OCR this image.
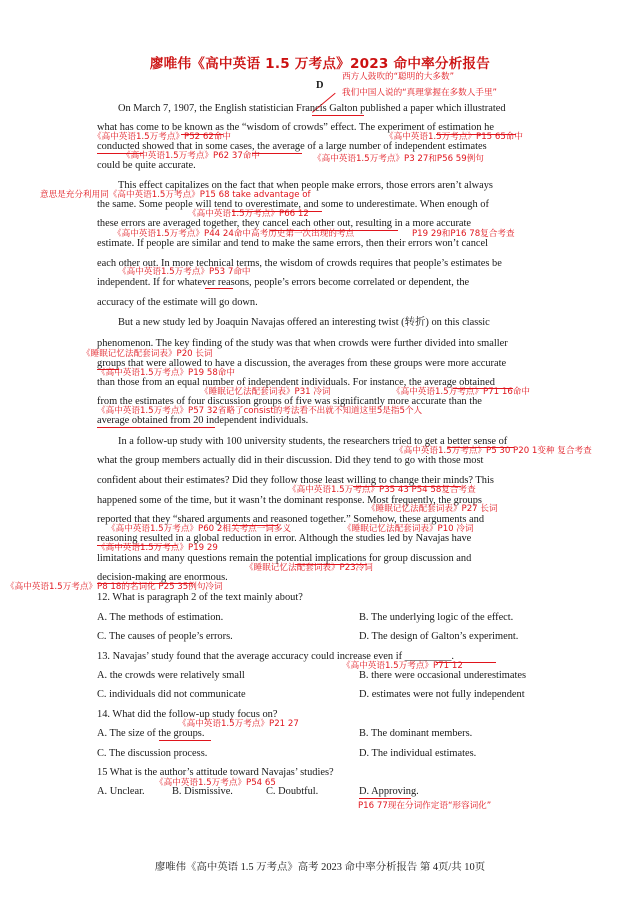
廖唯伟《高中英语 1.5 万考点》2023 命中率分析报告
D
西方人鼓吹的“聪明的大多数”
我们中国人说的“真理掌握在多数人手里”
On March 7, 1907, the English statistician Francis Galton published a paper which illustrated
what has come to be known as the “wisdom of crowds” effect. The experiment of estimation he
《高中英语1.5万考点》P52 62命中	《高中英语1.5万考点》P15 65命中
conducted showed that in some cases, the average of a large number of independent estimates
《高中英语1.5万考点》P62 37命中	《高中英语1.5万考点》P3 27和P56 59例句
could be quite accurate.
意思是充分利用同《高中英语1.5万考点》P15 68 take advantage of
This effect capitalizes on the fact that when people make errors, those errors aren’t always
the same. Some people will tend to overestimate, and some to underestimate. When enough of
《高中英语1.5万考点》P66 12
these errors are averaged together, they cancel each other out, resulting in a more accurate
《高中英语1.5万考点》P44 24命中高考历史第一次出现的考点	P19 29和P16 78复合考查
estimate. If people are similar and tend to make the same errors, then their errors won’t cancel
each other out. In more technical terms, the wisdom of crowds requires that people’s estimates be
《高中英语1.5万考点》P53 7命中
independent. If for whatever reasons, people’s errors become correlated or dependent, the
accuracy of the estimate will go down.
But a new study led by Joaquin Navajas offered an interesting twist (转折) on this classic
phenomenon. The key finding of the study was that when crowds were further divided into smaller
《睡眠记忆法配套词表》P20 长词
groups that were allowed to have a discussion, the averages from these groups were more accurate
《高中英语1.5万考点》P19 58命中
than those from an equal number of independent individuals. For instance, the average obtained
《睡眠记忆法配套词表》P31 冷词	《高中英语1.5万考点》P71 16命中
from the estimates of four discussion groups of five was significantly more accurate than the
《高中英语1.5万考点》P57 32省略了consist的考法看不出就不知道这里5是指5个人
average obtained from 20 independent individuals.
In a follow-up study with 100 university students, the researchers tried to get a better sense of
《高中英语1.5万考点》P5 30 P20 1变种 复合考查
what the group members actually did in their discussion. Did they tend to go with those most
confident about their estimates? Did they follow those least willing to change their minds? This
《高中英语1.5万考点》P35 43 P54 58复合考查
happened some of the time, but it wasn’t the dominant response. Most frequently, the groups
《睡眠记忆法配套词表》P27 长词
reported that they “shared arguments and reasoned together.” Somehow, these arguments and
《高中英语1.5万考点》P60 2相关考点一词多义	《睡眠记忆法配套词表》P10 冷词
reasoning resulted in a global reduction in error. Although the studies led by Navajas have
《高中英语1.5万考点》P19 29
limitations and many questions remain the potential implications for group discussion and
《睡眠记忆法配套词表》P23冷词
decision-making are enormous.
《高中英语1.5万考点》P8 18的名词化 P25 35例句冷词
12. What is paragraph 2 of the text mainly about?
A. The methods of estimation.	B. The underlying logic of the effect.
C. The causes of people’s errors.	D. The design of Galton’s experiment.
13. Navajas’ study found that the average accuracy could increase even if _________.
《高中英语1.5万考点》P71 12
A. the crowds were relatively small	B. there were occasional underestimates
C. individuals did not communicate	D. estimates were not fully independent
14. What did the follow-up study focus on?
《高中英语1.5万考点》P21 27
A. The size of the groups.	B. The dominant members.
C. The discussion process.	D. The individual estimates.
15 What is the author’s attitude toward Navajas’ studies?
《高中英语1.5万考点》P54 65
A. Unclear.	B. Dismissive.	C. Doubtful.	D. Approving.
P16 77现在分词作定语“形容词化”
廖唯伟《高中英语 1.5 万考点》高考 2023 命中率分析报告 第 4页/共 10页
